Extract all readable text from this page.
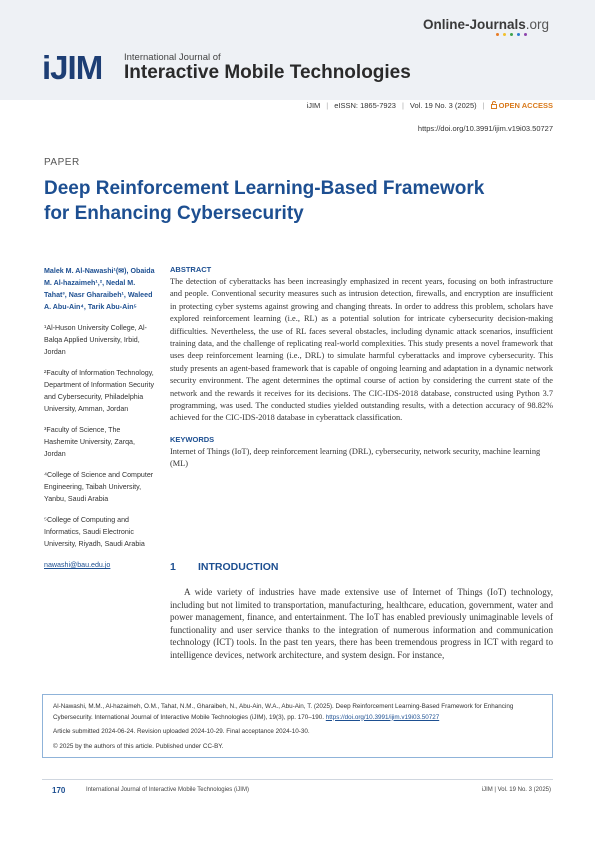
Online-Journals.org
iJIM International Journal of
Interactive Mobile Technologies
iJIM | eISSN: 1865-7923 | Vol. 19 No. 3 (2025) |	OPEN ACCESS
https://doi.org/10.3991/ijim.v19i03.50727
PAPER
Deep Reinforcement Learning-Based Framework
for Enhancing Cybersecurity
Malek M. Al-Nawashi¹(✉), Obaida M. Al-hazaimeh¹,², Nedal M. Tahat³, Nasr Gharaibeh¹, Waleed A. Abu-Ain⁴, Tarik Abu-Ain⁵
¹Al-Huson University College, Al-Balqa Applied University, Irbid, Jordan
²Faculty of Information Technology, Department of Information Security and Cybersecurity, Philadelphia University, Amman, Jordan
³Faculty of Science, The Hashemite University, Zarqa, Jordan
⁴College of Science and Computer Engineering, Taibah University, Yanbu, Saudi Arabia
⁵College of Computing and Informatics, Saudi Electronic University, Riyadh, Saudi Arabia
nawashi@bau.edu.jo
ABSTRACT
The detection of cyberattacks has been increasingly emphasized in recent years, focusing on both infrastructure and people. Conventional security measures such as intrusion detection, firewalls, and encryption are insufficient in protecting cyber systems against growing and changing threats. In order to address this problem, scholars have explored reinforcement learning (i.e., RL) as a potential solution for intricate cybersecurity decision-making difficulties. Nevertheless, the use of RL faces several obstacles, including dynamic attack scenarios, insufficient training data, and the challenge of replicating real-world complexities. This study presents a novel framework that uses deep reinforcement learning (i.e., DRL) to simulate harmful cyberattacks and improve cybersecurity. This study presents an agent-based framework that is capable of ongoing learning and adaptation in a dynamic network security environment. The agent determines the optimal course of action by considering the current state of the network and the rewards it receives for its decisions. The CIC-IDS-2018 database, constructed using Python 3.7 programming, was used. The conducted studies yielded outstanding results, with a detection accuracy of 98.82% achieved for the CIC-IDS-2018 database in cyberattack classification.
KEYWORDS
Internet of Things (IoT), deep reinforcement learning (DRL), cybersecurity, network security, machine learning (ML)
1 INTRODUCTION
A wide variety of industries have made extensive use of Internet of Things (IoT) technology, including but not limited to transportation, manufacturing, healthcare, education, government, water and power management, finance, and entertainment. The IoT has enabled previously unimaginable levels of functionality and user service thanks to the integration of numerous information and communication technology (ICT) tools. In the past ten years, there has been tremendous progress in ICT with regard to intelligence devices, network architecture, and system design. For instance,
Al-Nawashi, M.M., Al-hazaimeh, O.M., Tahat, N.M., Gharaibeh, N., Abu-Ain, W.A., Abu-Ain, T. (2025). Deep Reinforcement Learning-Based Framework for Enhancing Cybersecurity. International Journal of Interactive Mobile Technologies (iJIM), 19(3), pp. 170–190. https://doi.org/10.3991/ijim.v19i03.50727
Article submitted 2024-06-24. Revision uploaded 2024-10-29. Final acceptance 2024-10-30.
© 2025 by the authors of this article. Published under CC-BY.
170	International Journal of Interactive Mobile Technologies (iJIM)	iJIM | Vol. 19 No. 3 (2025)
